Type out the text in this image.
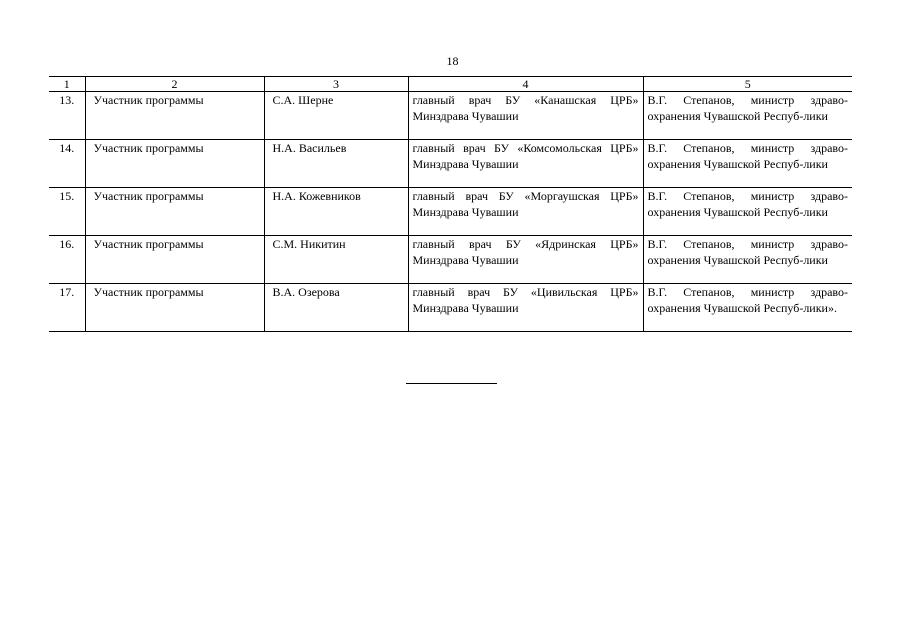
18
1	2	3	4	5
13.	Участник программы	С.А. Шерне	главный врач БУ «Канашская ЦРБ» Минздрава Чувашии	В.Г. Степанов, министр здраво-охранения Чувашской Респуб-лики
14.	Участник программы	Н.А. Васильев	главный врач БУ «Комсомольская ЦРБ» Минздрава Чувашии	В.Г. Степанов, министр здраво-охранения Чувашской Респуб-лики
15.	Участник программы	Н.А. Кожевников	главный врач БУ «Моргаушская ЦРБ» Минздрава Чувашии	В.Г. Степанов, министр здраво-охранения Чувашской Респуб-лики
16.	Участник программы	С.М. Никитин	главный врач БУ «Ядринская ЦРБ» Минздрава Чувашии	В.Г. Степанов, министр здраво-охранения Чувашской Респуб-лики
17.	Участник программы	В.А. Озерова	главный врач БУ «Цивильская ЦРБ» Минздрава Чувашии	В.Г. Степанов, министр здраво-охранения Чувашской Респуб-лики».
